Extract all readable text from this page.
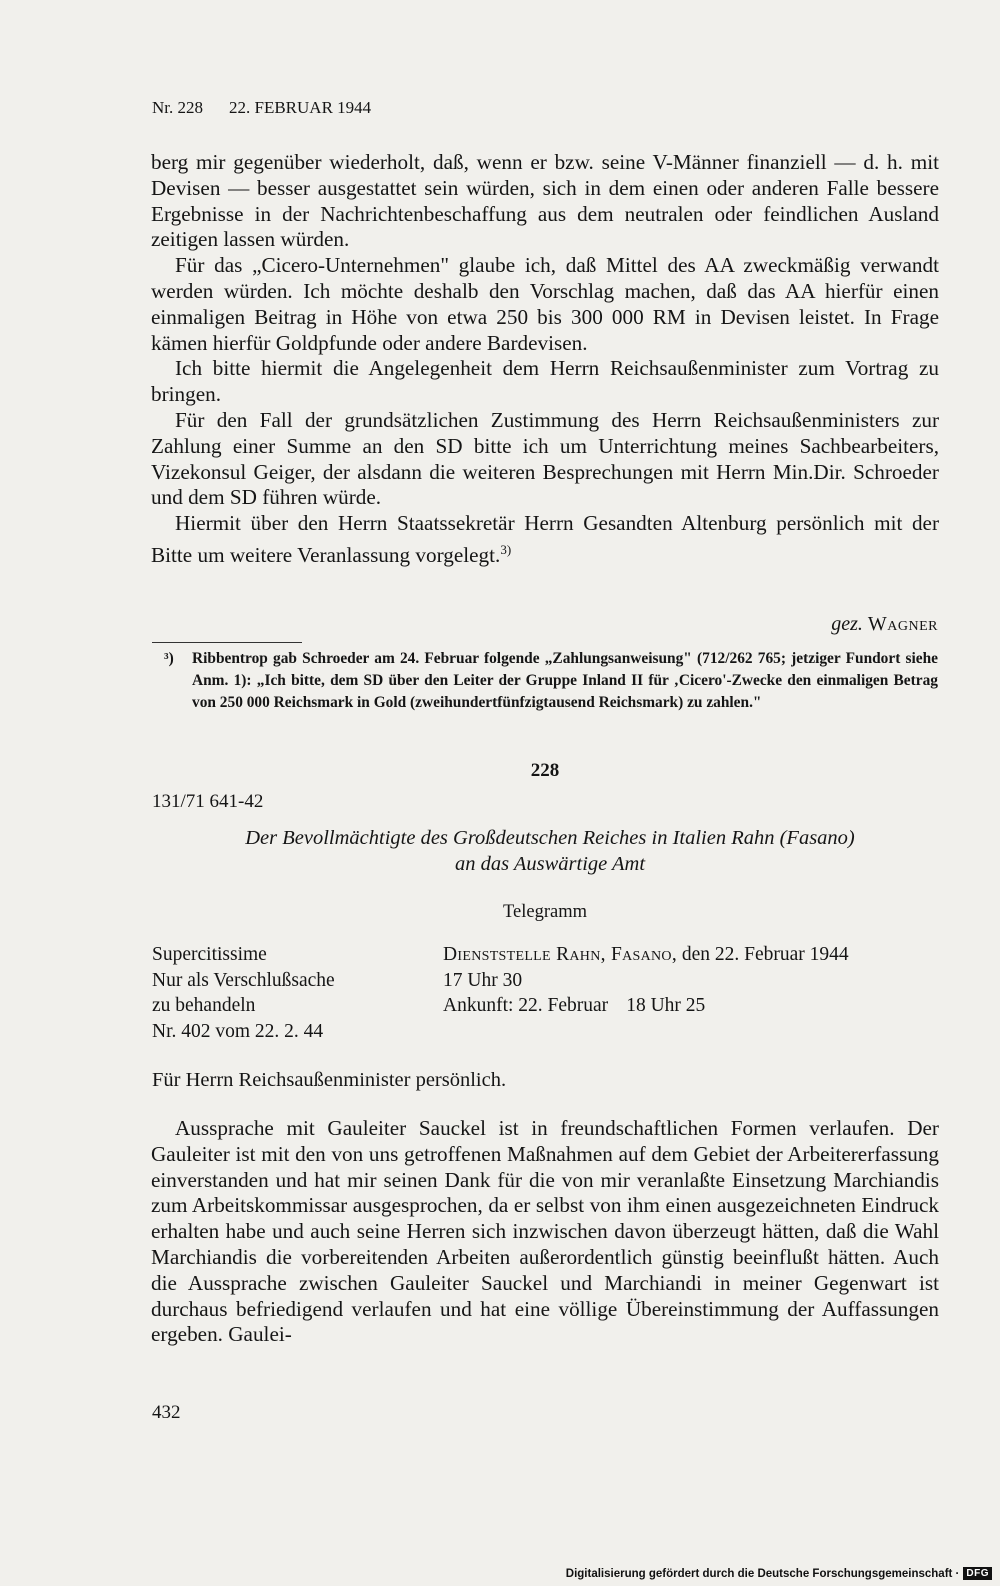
Nr. 228 22. FEBRUAR 1944

berg mir gegenüber wiederholt, daß, wenn er bzw. seine V-Männer finanziell — d. h. mit Devisen — besser ausgestattet sein würden, sich in dem einen oder anderen Falle bessere Ergebnisse in der Nachrichtenbeschaffung aus dem neutralen oder feindlichen Ausland zeitigen lassen würden.

Für das „Cicero-Unternehmen" glaube ich, daß Mittel des AA zweckmäßig verwandt werden würden. Ich möchte deshalb den Vorschlag machen, daß das AA hierfür einen einmaligen Beitrag in Höhe von etwa 250 bis 300 000 RM in Devisen leistet. In Frage kämen hierfür Goldpfunde oder andere Bardevisen.

Ich bitte hiermit die Angelegenheit dem Herrn Reichsaußenminister zum Vortrag zu bringen.

Für den Fall der grundsätzlichen Zustimmung des Herrn Reichsaußenministers zur Zahlung einer Summe an den SD bitte ich um Unterrichtung meines Sachbearbeiters, Vizekonsul Geiger, der alsdann die weiteren Besprechungen mit Herrn Min.Dir. Schroeder und dem SD führen würde.

Hiermit über den Herrn Staatssekretär Herrn Gesandten Altenburg persönlich mit der Bitte um weitere Veranlassung vorgelegt.$^{3)}$

gez. Wagner
³) Ribbentrop gab Schroeder am 24. Februar folgende „Zahlungsanweisung" (712/262 765; jetziger Fundort siehe Anm. 1): „Ich bitte, dem SD über den Leiter der Gruppe Inland II für ‚Cicero'-Zwecke den einmaligen Betrag von 250 000 Reichsmark in Gold (zweihundertfünfzigtausend Reichsmark) zu zahlen."
228
131/71 641-42
Der Bevollmächtigte des Großdeutschen Reiches in Italien Rahn (Fasano)
an das Auswärtige Amt
Telegramm
Supercitissime
Nur als Verschlußsache
zu behandeln
Nr. 402 vom 22. 2. 44
Dienststelle Rahn, Fasano, den 22. Februar 1944
17 Uhr 30
Ankunft: 22. Februar 18 Uhr 25
Für Herrn Reichsaußenminister persönlich.

Aussprache mit Gauleiter Sauckel ist in freundschaftlichen Formen verlaufen. Der Gauleiter ist mit den von uns getroffenen Maßnahmen auf dem Gebiet der Arbeitererfassung einverstanden und hat mir seinen Dank für die von mir veranlaßte Einsetzung Marchiandis zum Arbeitskommissar ausgesprochen, da er selbst von ihm einen ausgezeichneten Eindruck erhalten habe und auch seine Herren sich inzwischen davon überzeugt hätten, daß die Wahl Marchiandis die vorbereitenden Arbeiten außerordentlich günstig beeinflußt hätten. Auch die Aussprache zwischen Gauleiter Sauckel und Marchiandi in meiner Gegenwart ist durchaus befriedigend verlaufen und hat eine völlige Übereinstimmung der Auffassungen ergeben. Gaulei-

432
Digitalisierung gefördert durch die Deutsche Forschungsgemeinschaft · DFG
